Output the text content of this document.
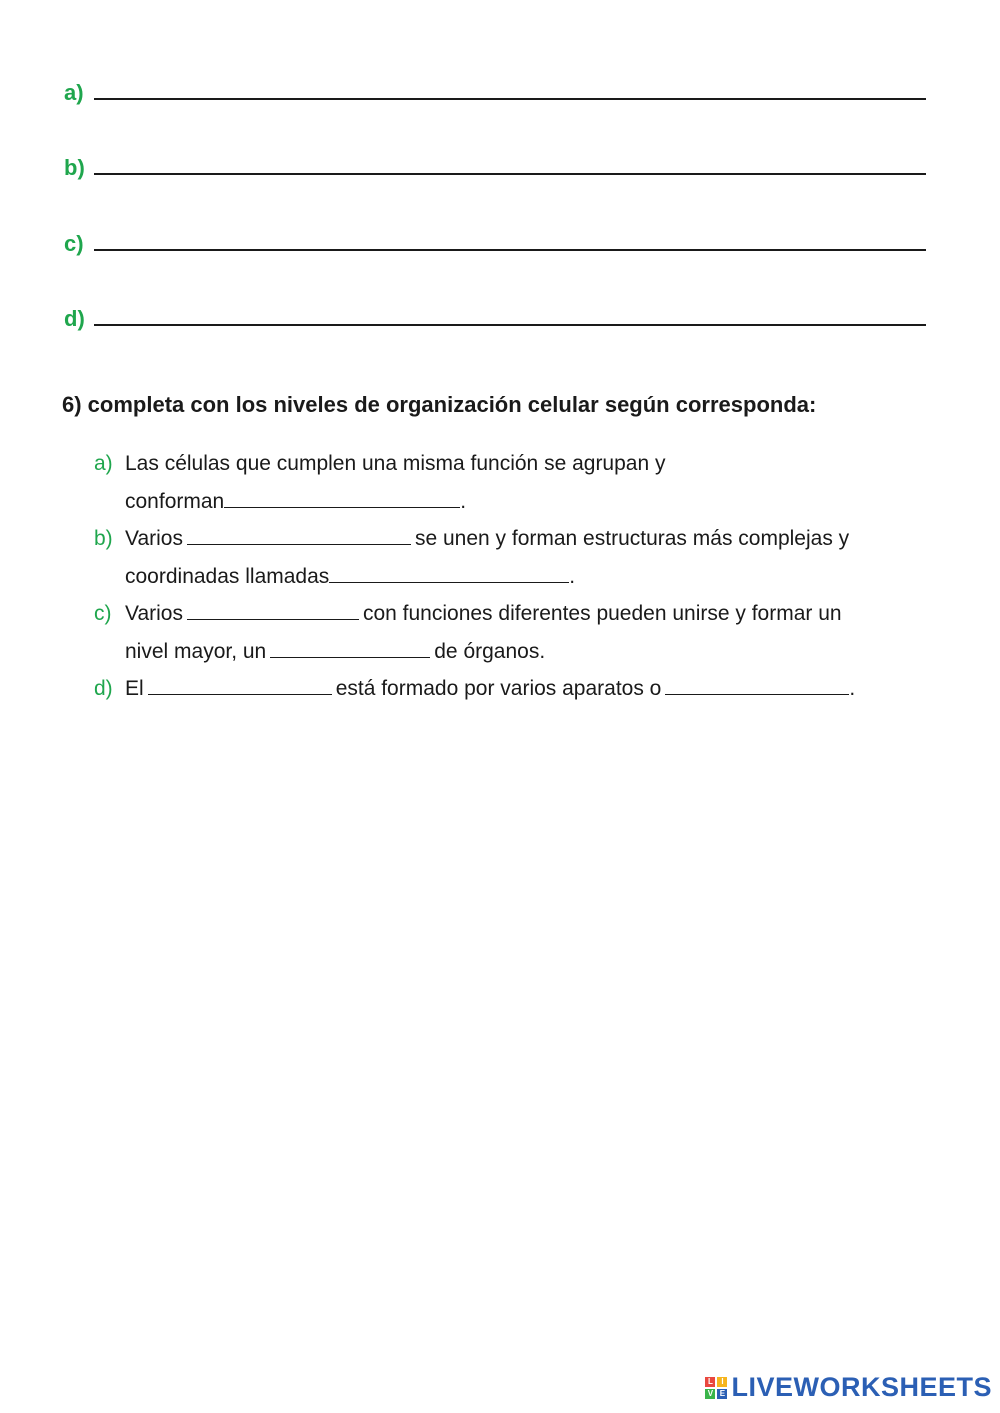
a)
b)
c)
d)
6) completa con los niveles de organización celular según corresponda:
a) Las células que cumplen una misma función se agrupan y
conforman	.
b) Varios	se unen y forman estructuras más complejas y
coordinadas llamadas	.
c) Varios	con funciones diferentes pueden unirse y formar un
nivel mayor, un	de órganos.
d) El	está formado por varios aparatos o	.
L	I
V E LIVEWORKSHEETS
